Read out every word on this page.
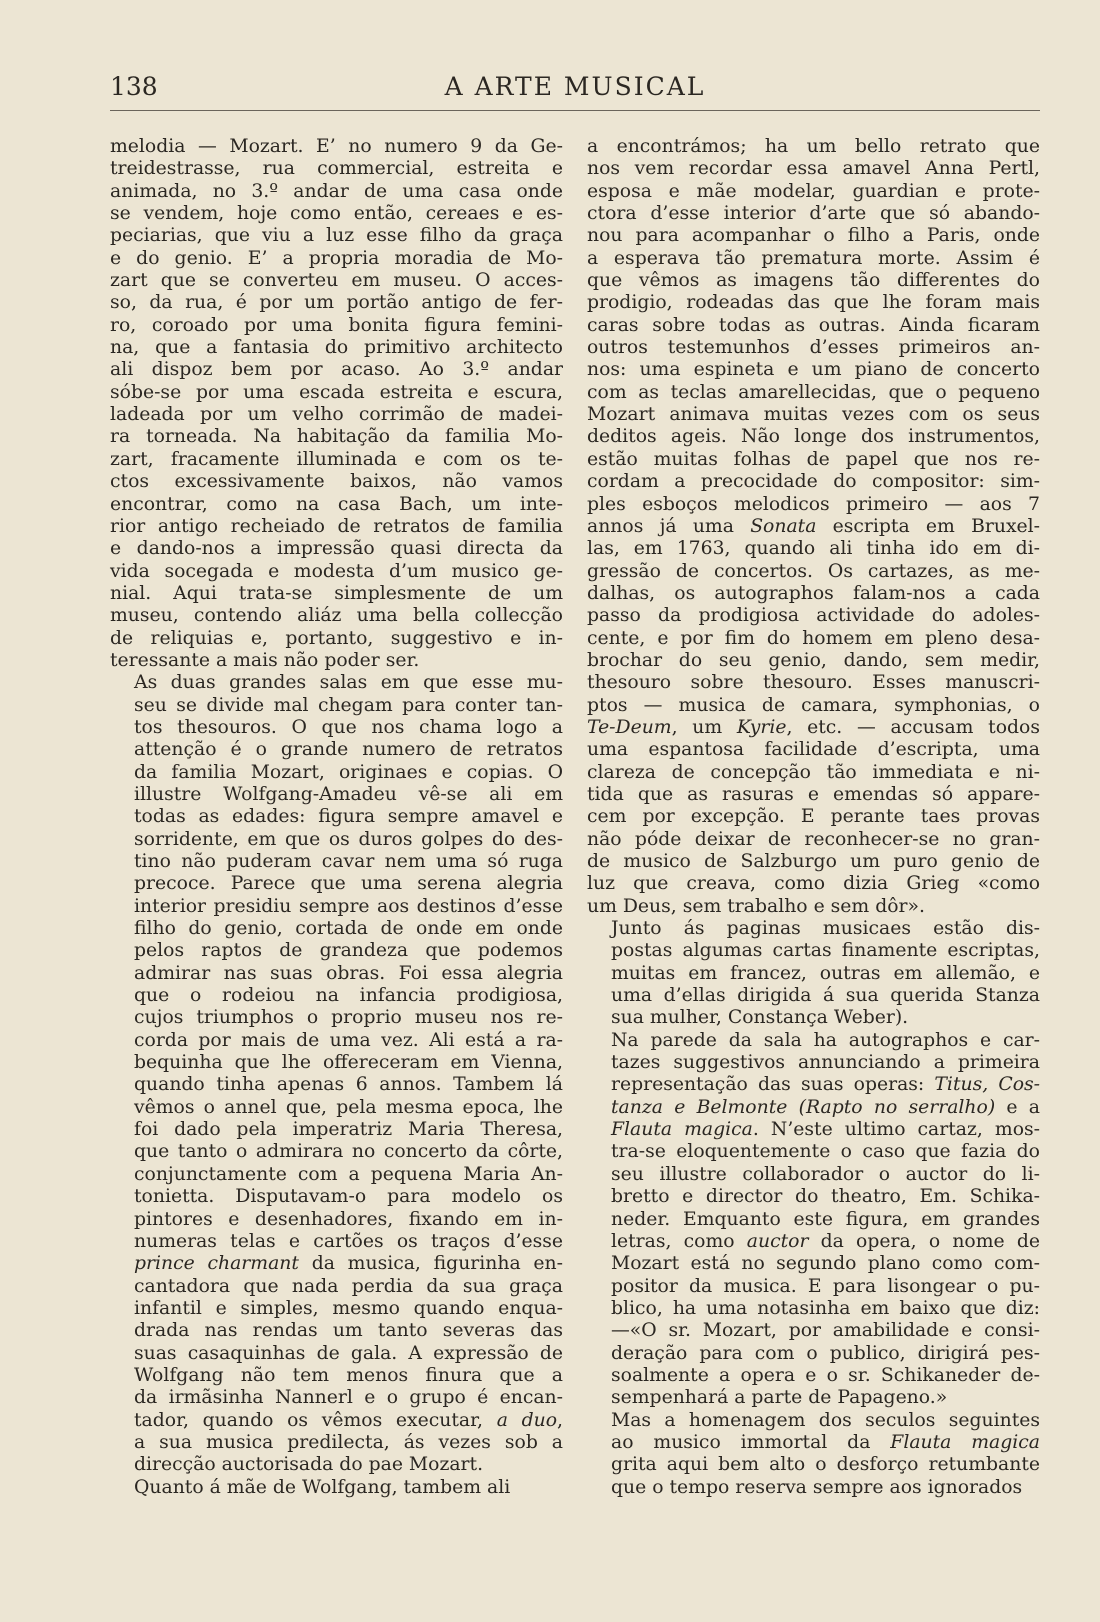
138	A ARTE MUSICAL

melodia — Mozart. E’ no numero 9 da Ge-
treidestrasse, rua commercial, estreita e
animada, no 3.º andar de uma casa onde
se vendem, hoje como então, cereaes e es-
peciarias, que viu a luz esse filho da graça
e do genio. E’ a propria moradia de Mo-
zart que se converteu em museu. O acces-
so, da rua, é por um portão antigo de fer-
ro, coroado por uma bonita figura femini-
na, que a fantasia do primitivo architecto
ali dispoz bem por acaso. Ao 3.º andar
sóbe-se por uma escada estreita e escura,
ladeada por um velho corrimão de madei-
ra torneada. Na habitação da familia Mo-
zart, fracamente illuminada e com os te-
ctos excessivamente baixos, não vamos
encontrar, como na casa Bach, um inte-
rior antigo recheiado de retratos de familia
e dando-nos a impressão quasi directa da
vida socegada e modesta d’um musico ge-
nial. Aqui trata-se simplesmente de um
museu, contendo aliáz uma bella collecção
de reliquias e, portanto, suggestivo e in-
teressante a mais não poder ser.

As duas grandes salas em que esse mu-
seu se divide mal chegam para conter tan-
tos thesouros. O que nos chama logo a
attenção é o grande numero de retratos
da familia Mozart, originaes e copias. O
illustre Wolfgang-Amadeu vê-se ali em
todas as edades: figura sempre amavel e
sorridente, em que os duros golpes do des-
tino não puderam cavar nem uma só ruga
precoce. Parece que uma serena alegria
interior presidiu sempre aos destinos d’esse
filho do genio, cortada de onde em onde
pelos raptos de grandeza que podemos
admirar nas suas obras. Foi essa alegria
que o rodeiou na infancia prodigiosa,
cujos triumphos o proprio museu nos re-
corda por mais de uma vez. Ali está a ra-
bequinha que lhe offereceram em Vienna,
quando tinha apenas 6 annos. Tambem lá
vêmos o annel que, pela mesma epoca, lhe
foi dado pela imperatriz Maria Theresa,
que tanto o admirara no concerto da côrte,
conjunctamente com a pequena Maria An-
tonietta. Disputavam-o para modelo os
pintores e desenhadores, fixando em in-
numeras telas e cartões os traços d’esse
prince charmant da musica, figurinha en-
cantadora que nada perdia da sua graça
infantil e simples, mesmo quando enqua-
drada nas rendas um tanto severas das
suas casaquinhas de gala. A expressão de
Wolfgang não tem menos finura que a
da irmãsinha Nannerl e o grupo é encan-
tador, quando os vêmos executar, a duo,
a sua musica predilecta, ás vezes sob a
direcção auctorisada do pae Mozart.

Quanto á mãe de Wolfgang, tambem ali

a encontrámos; ha um bello retrato que
nos vem recordar essa amavel Anna Pertl,
esposa e mãe modelar, guardian e prote-
ctora d’esse interior d’arte que só abando-
nou para acompanhar o filho a Paris, onde
a esperava tão prematura morte. Assim é
que vêmos as imagens tão differentes do
prodigio, rodeadas das que lhe foram mais
caras sobre todas as outras. Ainda ficaram
outros testemunhos d’esses primeiros an-
nos: uma espineta e um piano de concerto
com as teclas amarellecidas, que o pequeno
Mozart animava muitas vezes com os seus
deditos ageis. Não longe dos instrumentos,
estão muitas folhas de papel que nos re-
cordam a precocidade do compositor: sim-
ples esboços melodicos primeiro — aos 7
annos já uma Sonata escripta em Bruxel-
las, em 1763, quando ali tinha ido em di-
gressão de concertos. Os cartazes, as me-
dalhas, os autographos falam-nos a cada
passo da prodigiosa actividade do adoles-
cente, e por fim do homem em pleno desa-
brochar do seu genio, dando, sem medir,
thesouro sobre thesouro. Esses manuscri-
ptos — musica de camara, symphonias, o
Te-Deum, um Kyrie, etc. — accusam todos
uma espantosa facilidade d’escripta, uma
clareza de concepção tão immediata e ni-
tida que as rasuras e emendas só appare-
cem por excepção. E perante taes provas
não póde deixar de reconhecer-se no gran-
de musico de Salzburgo um puro genio de
luz que creava, como dizia Grieg «como
um Deus, sem trabalho e sem dôr».

Junto ás paginas musicaes estão dis-
postas algumas cartas finamente escriptas,
muitas em francez, outras em allemão, e
uma d’ellas dirigida á sua querida Stanza
sua mulher, Constança Weber).

Na parede da sala ha autographos e car-
tazes suggestivos annunciando a primeira
representação das suas operas: Titus, Cos-
tanza e Belmonte (Rapto no serralho) e a
Flauta magica. N’este ultimo cartaz, mos-
tra-se eloquentemente o caso que fazia do
seu illustre collaborador o auctor do li-
bretto e director do theatro, Em. Schika-
neder. Emquanto este figura, em grandes
letras, como auctor da opera, o nome de
Mozart está no segundo plano como com-
positor da musica. E para lisongear o pu-
blico, ha uma notasinha em baixo que diz:
—«O sr. Mozart, por amabilidade e consi-
deração para com o publico, dirigirá pes-
soalmente a opera e o sr. Schikaneder de-
sempenhará a parte de Papageno.»

Mas a homenagem dos seculos seguintes
ao musico immortal da Flauta magica
grita aqui bem alto o desforço retumbante
que o tempo reserva sempre aos ignorados
